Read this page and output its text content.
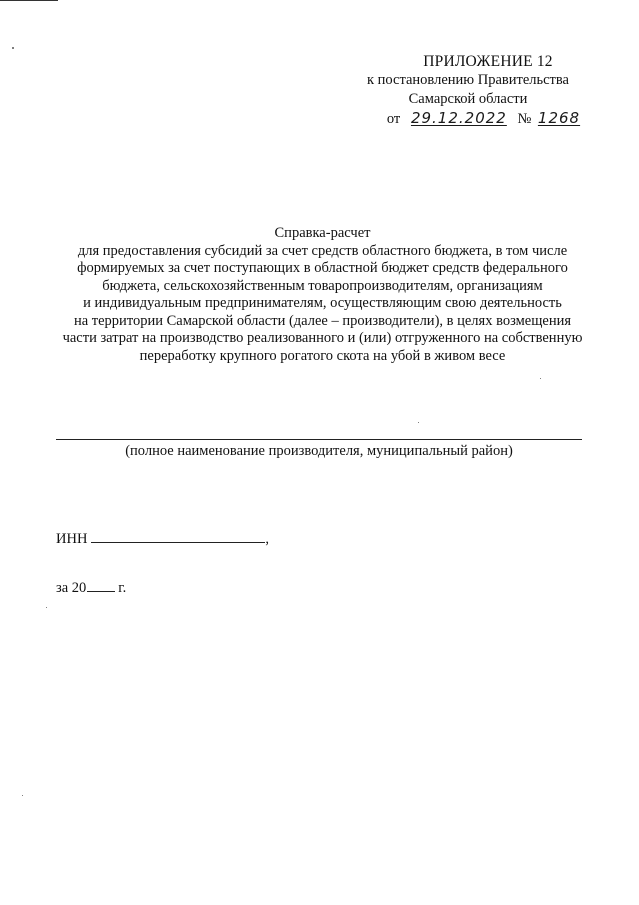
ПРИЛОЖЕНИЕ 12
к постановлению Правительства
Самарской области
от 29.12.2022 № 1268
Справка-расчет
для предоставления субсидий за счет средств областного бюджета, в том числе
формируемых за счет поступающих в областной бюджет средств федерального
бюджета, сельскохозяйственным товаропроизводителям, организациям
и индивидуальным предпринимателям, осуществляющим свою деятельность
на территории Самарской области (далее – производители), в целях возмещения
части затрат на производство реализованного и (или) отгруженного на собственную
переработку крупного рогатого скота на убой в живом весе
(полное наименование производителя, муниципальный район)
ИНН	,
за 20 г.
